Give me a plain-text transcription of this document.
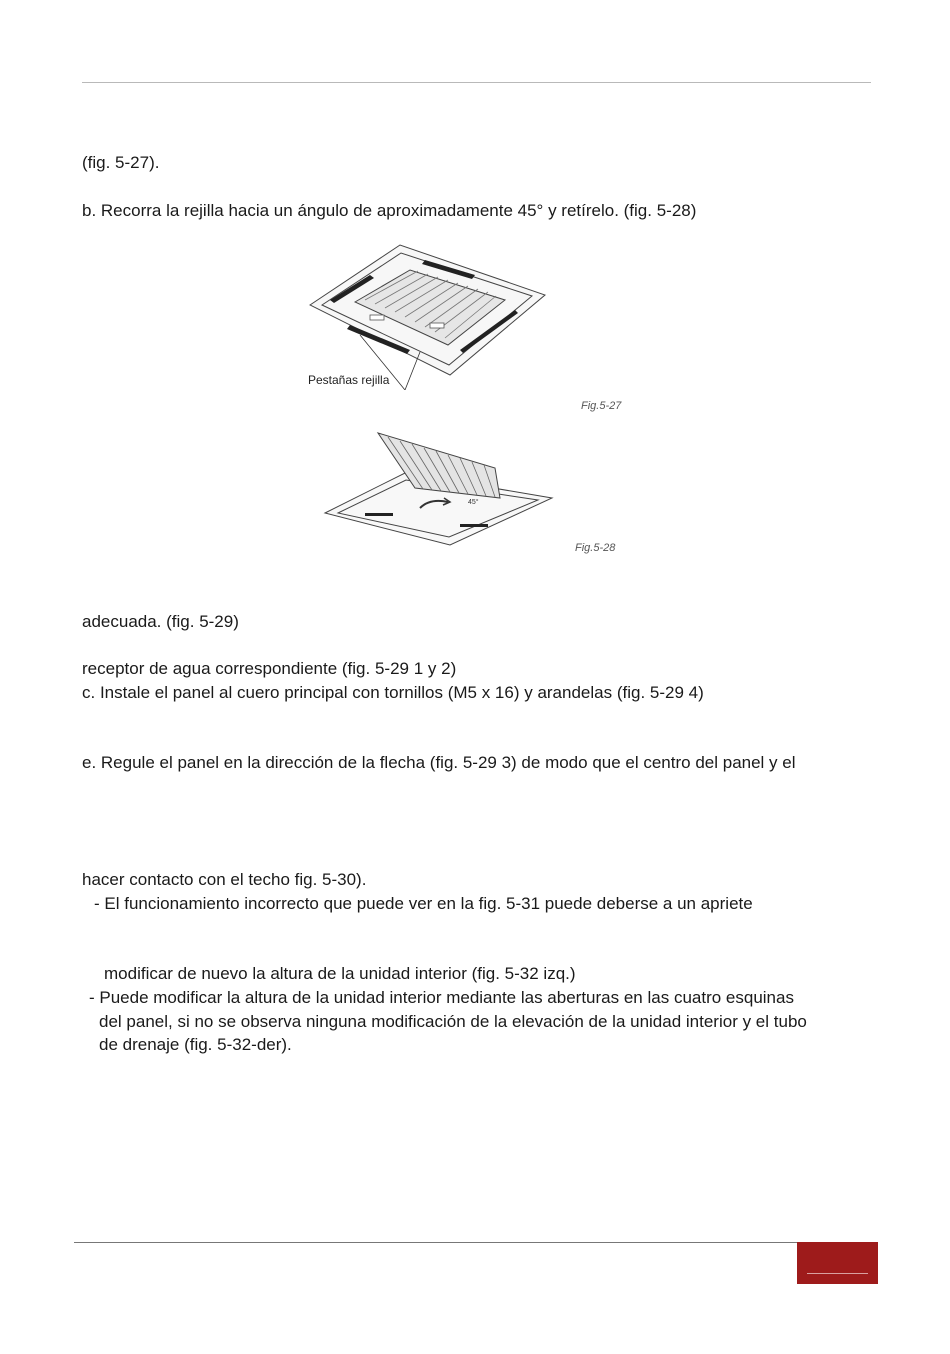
(fig. 5-27).
b. Recorra la rejilla hacia un ángulo de aproximadamente 45° y retírelo. (fig. 5-28)
Pestañas rejilla
Fig.5-27
45°
Fig.5-28
adecuada. (fig. 5-29)
receptor de agua correspondiente (fig. 5-29 1 y 2)
c. Instale el panel al cuero principal con tornillos (M5 x 16) y arandelas (fig. 5-29 4)
e. Regule el panel en la dirección de la flecha (fig. 5-29 3) de modo que el centro del panel y el
hacer contacto con el techo fig. 5-30).
- El funcionamiento incorrecto que puede ver en la fig. 5-31 puede deberse a un apriete
modificar de nuevo la altura de la unidad interior (fig. 5-32 izq.)
- Puede modificar la altura de la unidad interior mediante las aberturas en las cuatro esquinas
del panel, si no se observa ninguna modificación de la elevación de la unidad interior y el tubo
de drenaje (fig. 5-32-der).
